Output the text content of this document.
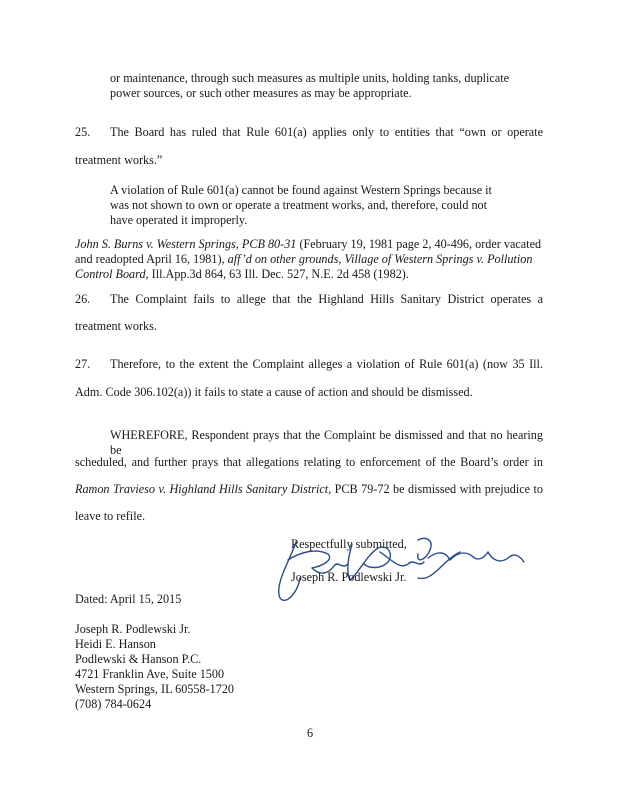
or maintenance, through such measures as multiple units, holding tanks, duplicate
power sources, or such other measures as may be appropriate.
25. The Board has ruled that Rule 601(a) applies only to entities that “own or operate
treatment works.”
A violation of Rule 601(a) cannot be found against Western Springs because it
was not shown to own or operate a treatment works, and, therefore, could not
have operated it improperly.
John S. Burns v. Western Springs, PCB 80-31 (February 19, 1981 page 2, 40-496, order vacated
and readopted April 16, 1981), aff’d on other grounds, Village of Western Springs v. Pollution
Control Board, Ill.App.3d 864, 63 Ill. Dec. 527, N.E. 2d 458 (1982).
26. The Complaint fails to allege that the Highland Hills Sanitary District operates a
treatment works.
27. Therefore, to the extent the Complaint alleges a violation of Rule 601(a) (now 35 Ill.
Adm. Code 306.102(a)) it fails to state a cause of action and should be dismissed.
WHEREFORE, Respondent prays that the Complaint be dismissed and that no hearing be
scheduled, and further prays that allegations relating to enforcement of the Board’s order in
Ramon Travieso v. Highland Hills Sanitary District, PCB 79-72 be dismissed with prejudice to
leave to refile.
Respectfully submitted,
Joseph R. Podlewski Jr.
Dated: April 15, 2015
Joseph R. Podlewski Jr.
Heidi E. Hanson
Podlewski & Hanson P.C.
4721 Franklin Ave, Suite 1500
Western Springs, IL 60558-1720
(708) 784-0624
6
